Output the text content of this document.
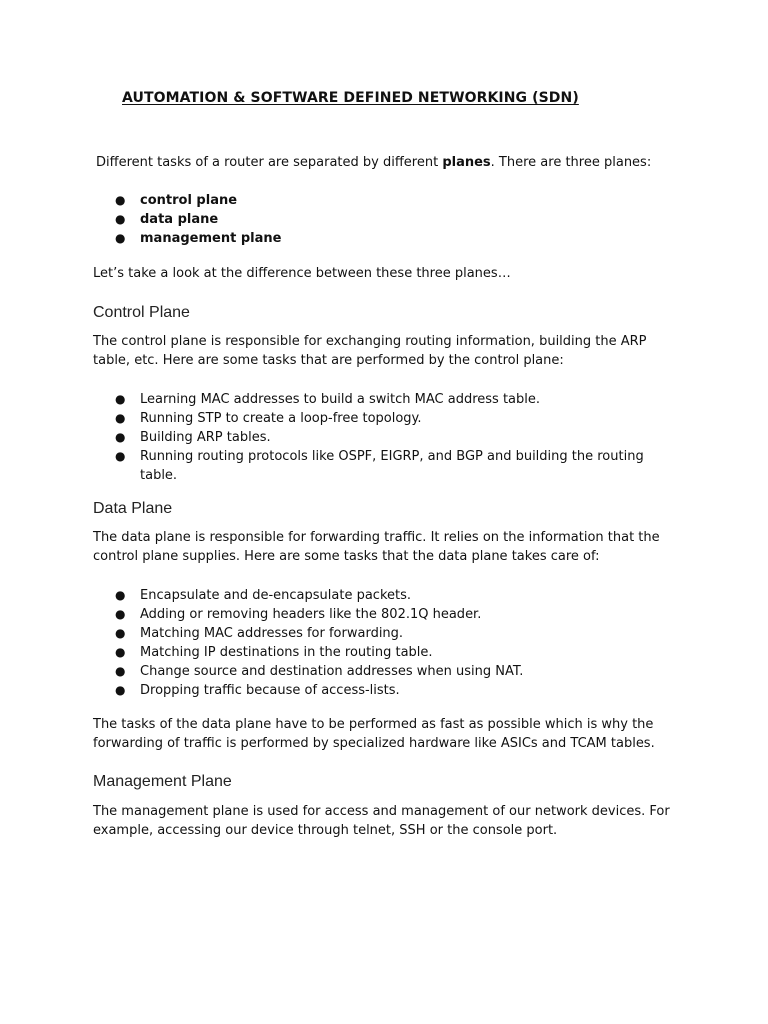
AUTOMATION & SOFTWARE DEFINED NETWORKING (SDN)
Different tasks of a router are separated by different planes. There are three planes:
● control plane
● data plane
● management plane

Let’s take a look at the difference between these three planes…

Control Plane

The control plane is responsible for exchanging routing information, building the ARP table, etc. Here are some tasks that are performed by the control plane:

● Learning MAC addresses to build a switch MAC address table.
● Running STP to create a loop-free topology.
● Building ARP tables.
● Running routing protocols like OSPF, EIGRP, and BGP and building the routing table.
Data Plane

The data plane is responsible for forwarding traffic. It relies on the information that the control plane supplies. Here are some tasks that the data plane takes care of:

● Encapsulate and de-encapsulate packets.
● Adding or removing headers like the 802.1Q header.
● Matching MAC addresses for forwarding.
● Matching IP destinations in the routing table.
● Change source and destination addresses when using NAT.
● Dropping traffic because of access-lists.

The tasks of the data plane have to be performed as fast as possible which is why the forwarding of traffic is performed by specialized hardware like ASICs and TCAM tables.

Management Plane

The management plane is used for access and management of our network devices. For example, accessing our device through telnet, SSH or the console port.
